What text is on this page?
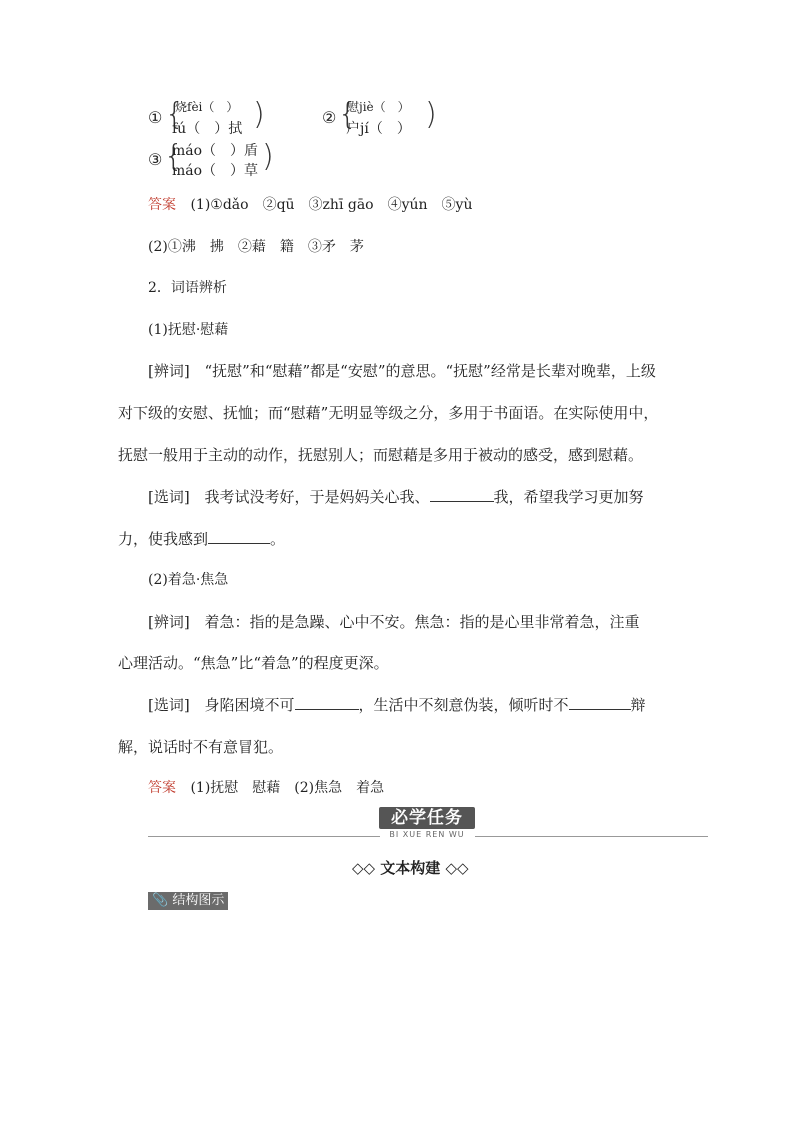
① {
烧fèi（　）
fú（　）拭 )	② {
慰jiè（　）
户jí（　） )
③ {
máo（　）盾
máo（　）草 )
答案 (1)①dǎo　②qū　③zhī gāo　④yún　⑤yù
(2)①沸　拂　②藉　籍　③矛　茅
2．词语辨析
(1)抚慰·慰藉
[辨词] “抚慰”和“慰藉”都是“安慰”的意思。“抚慰”经常是长辈对晚辈，上级
对下级的安慰、抚恤；而“慰藉”无明显等级之分，多用于书面语。在实际使用中，
抚慰一般用于主动的动作，抚慰别人；而慰藉是多用于被动的感受，感到慰藉。
[选词] 我考试没考好，于是妈妈关心我、	我，希望我学习更加努
力，使我感到	。
(2)着急·焦急
[辨词] 着急：指的是急躁、心中不安。焦急：指的是心里非常着急，注重
心理活动。“焦急”比“着急”的程度更深。
[选词] 身陷困境不可	，生活中不刻意伪装，倾听时不	辩
解，说话时不有意冒犯。
答案 (1)抚慰　慰藉　(2)焦急　着急
必学任务
BI XUE REN WU
◇◇ 文本构建 ◇◇
📎 结构图示
